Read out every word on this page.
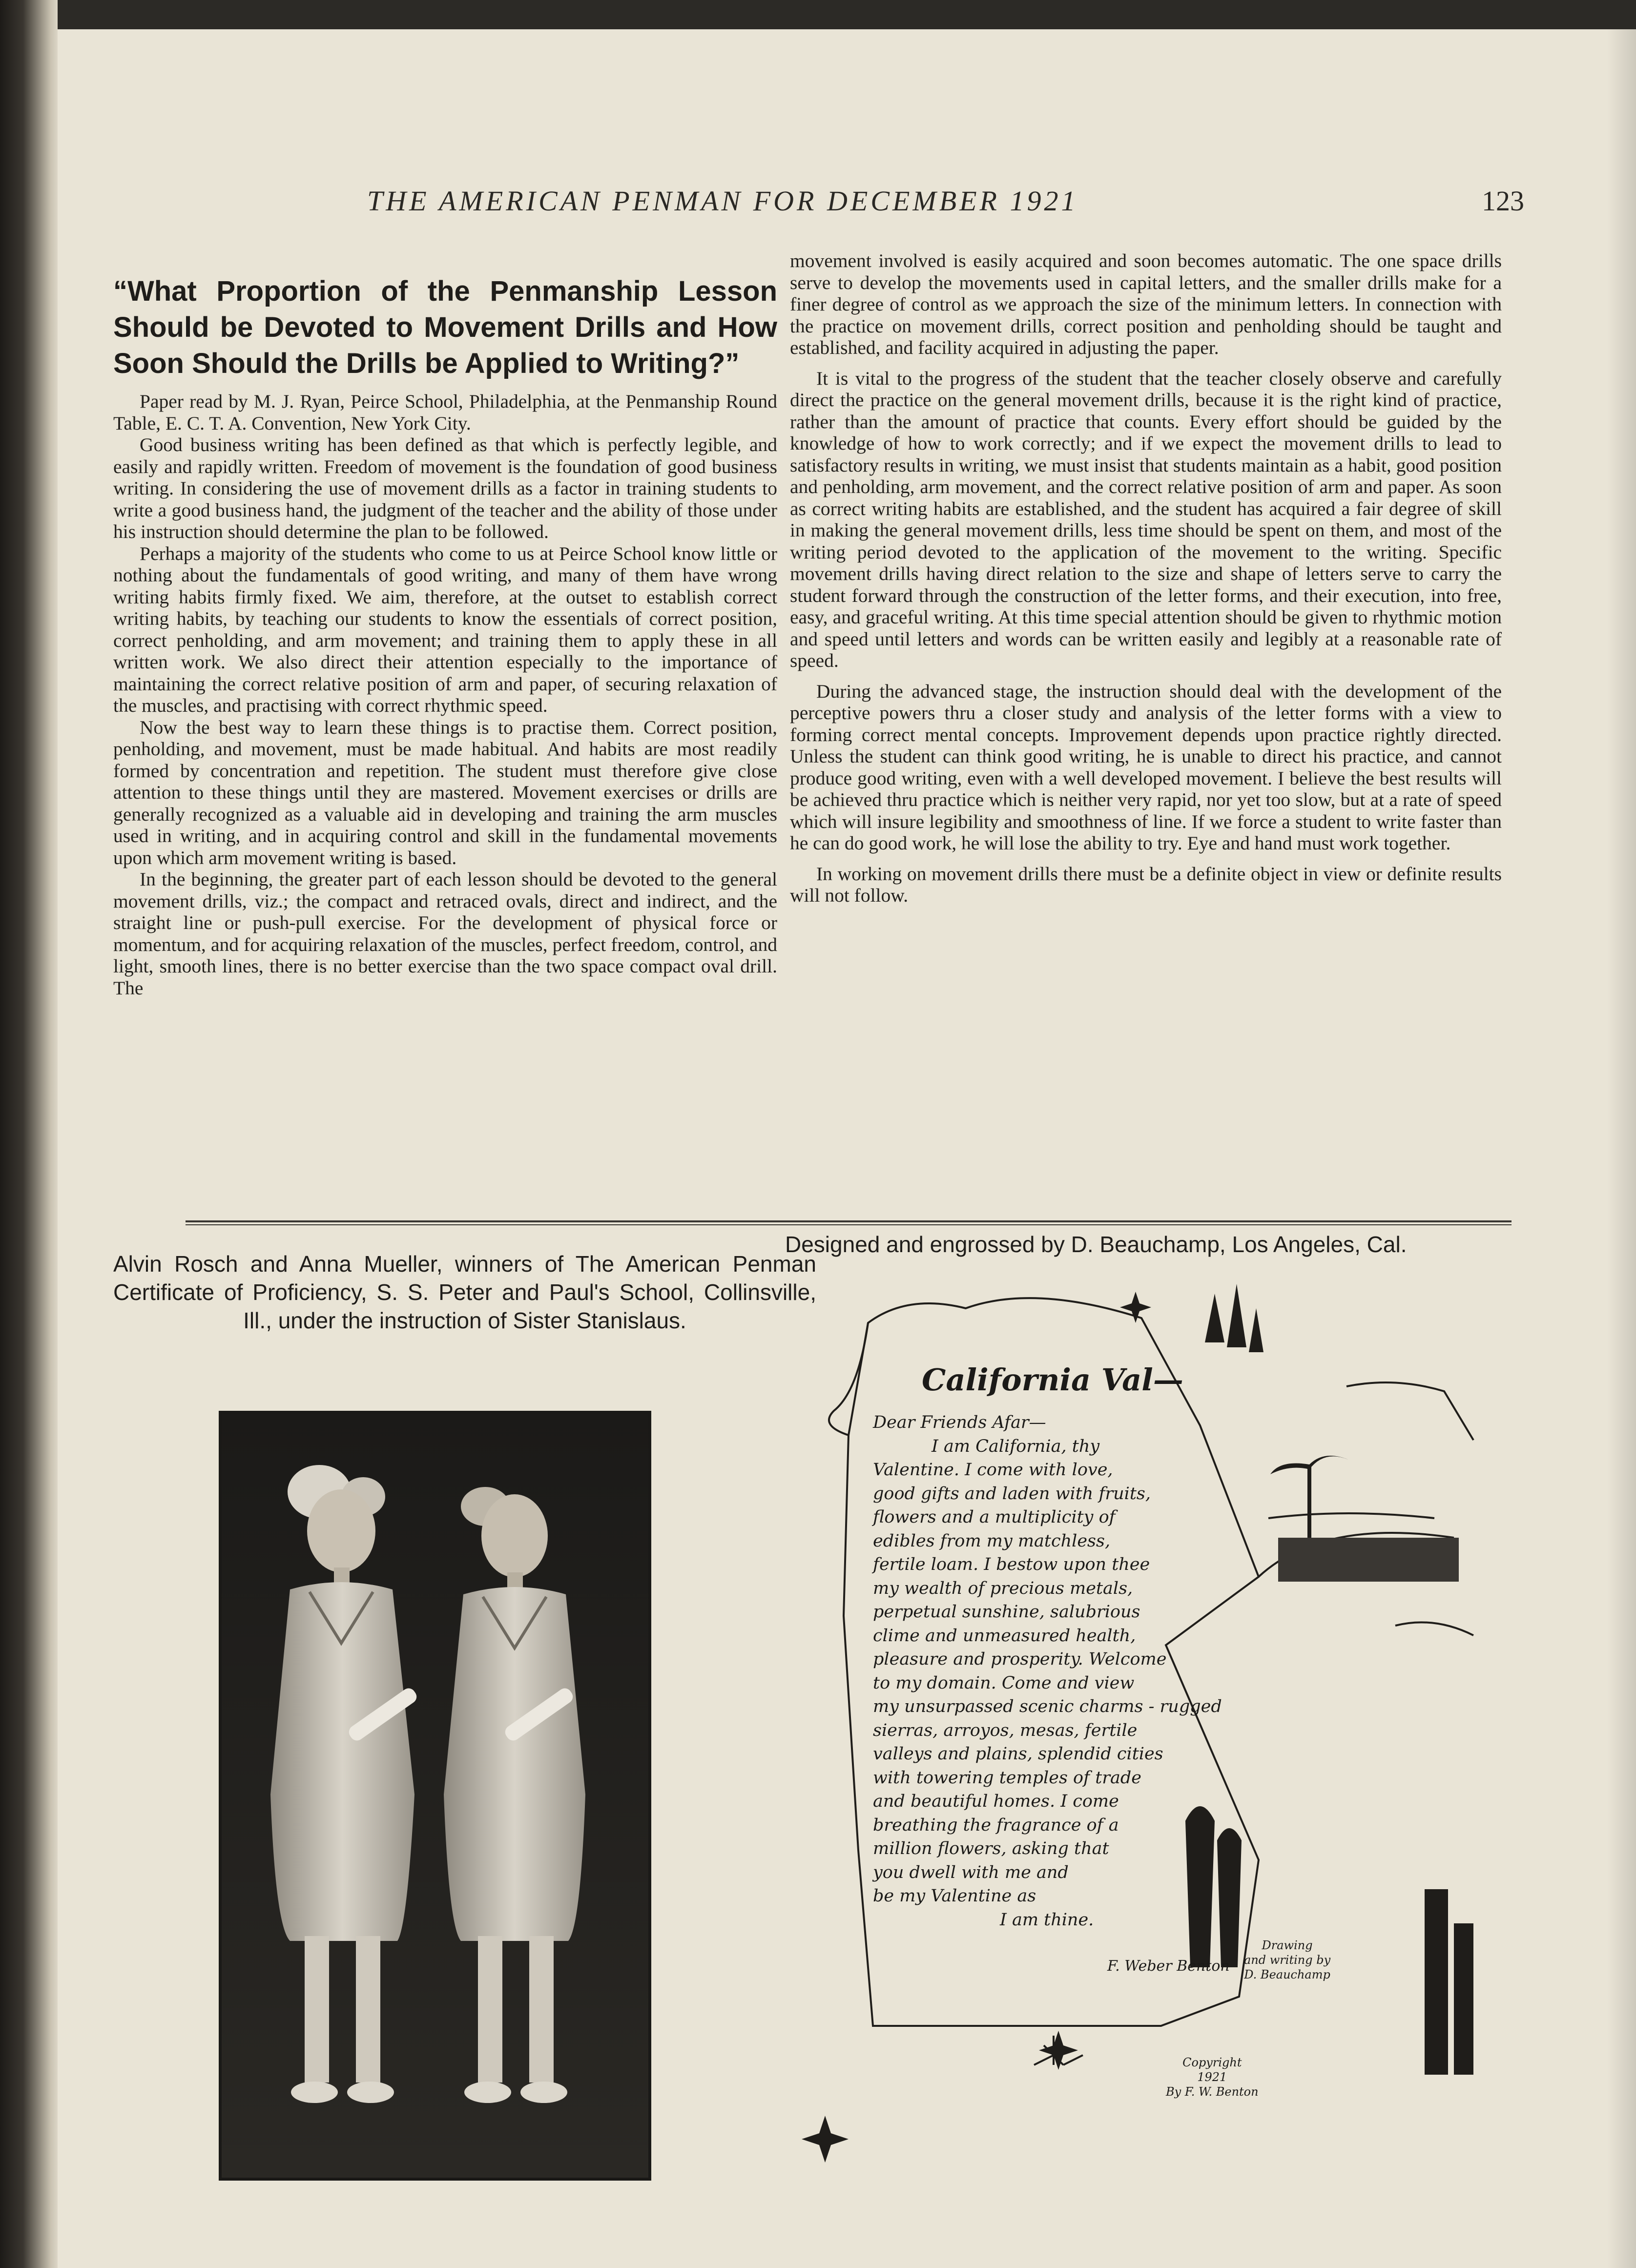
THE AMERICAN PENMAN FOR DECEMBER 1921	123
“What Proportion of the Penmanship Lesson Should be Devoted to Movement Drills and How Soon Should the Drills be Applied to Writing?”

Paper read by M. J. Ryan, Peirce School, Philadelphia, at the Penmanship Round Table, E. C. T. A. Convention, New York City.

Good business writing has been defined as that which is perfectly legible, and easily and rapidly written. Freedom of movement is the foundation of good business writing. In considering the use of movement drills as a factor in training students to write a good business hand, the judgment of the teacher and the ability of those under his instruction should determine the plan to be followed.

Perhaps a majority of the students who come to us at Peirce School know little or nothing about the fundamentals of good writing, and many of them have wrong writing habits firmly fixed. We aim, therefore, at the outset to establish correct writing habits, by teaching our students to know the essentials of correct position, correct penholding, and arm movement; and training them to apply these in all written work. We also direct their attention especially to the importance of maintaining the correct relative position of arm and paper, of securing relaxation of the muscles, and practising with correct rhythmic speed.

Now the best way to learn these things is to practise them. Correct position, penholding, and movement, must be made habitual. And habits are most readily formed by concentration and repetition. The student must therefore give close attention to these things until they are mastered. Movement exercises or drills are generally recognized as a valuable aid in developing and training the arm muscles used in writing, and in acquiring control and skill in the fundamental movements upon which arm movement writing is based.

In the beginning, the greater part of each lesson should be devoted to the general movement drills, viz.; the compact and retraced ovals, direct and indirect, and the straight line or push-pull exercise. For the development of physical force or momentum, and for acquiring relaxation of the muscles, perfect freedom, control, and light, smooth lines, there is no better exercise than the two space compact oval drill. The

movement involved is easily acquired and soon becomes automatic. The one space drills serve to develop the movements used in capital letters, and the smaller drills make for a finer degree of control as we approach the size of the minimum letters. In connection with the practice on movement drills, correct position and penholding should be taught and established, and facility acquired in adjusting the paper.

It is vital to the progress of the student that the teacher closely observe and carefully direct the practice on the general movement drills, because it is the right kind of practice, rather than the amount of practice that counts. Every effort should be guided by the knowledge of how to work correctly; and if we expect the movement drills to lead to satisfactory results in writing, we must insist that students maintain as a habit, good position and penholding, arm movement, and the correct relative position of arm and paper. As soon as correct writing habits are established, and the student has acquired a fair degree of skill in making the general movement drills, less time should be spent on them, and most of the writing period devoted to the application of the movement to the writing. Specific movement drills having direct relation to the size and shape of letters serve to carry the student forward through the construction of the letter forms, and their execution, into free, easy, and graceful writing. At this time special attention should be given to rhythmic motion and speed until letters and words can be written easily and legibly at a reasonable rate of speed.

During the advanced stage, the instruction should deal with the development of the perceptive powers thru a closer study and analysis of the letter forms with a view to forming correct mental concepts. Improvement depends upon practice rightly directed. Unless the student can think good writing, he is unable to direct his practice, and cannot produce good writing, even with a well developed movement. I believe the best results will be achieved thru practice which is neither very rapid, nor yet too slow, but at a rate of speed which will insure legibility and smoothness of line. If we force a student to write faster than he can do good work, he will lose the ability to try. Eye and hand must work together.

In working on movement drills there must be a definite object in view or definite results will not follow.

Alvin Rosch and Anna Mueller, winners of The American Penman Certificate of Proficiency, S. S. Peter and Paul's School, Collinsville, Ill., under the instruction of Sister Stanislaus.
Designed and engrossed by D. Beauchamp, Los Angeles, Cal.
California Val—
Dear Friends Afar—
I am California, thy
Valentine. I come with love,
good gifts and laden with fruits,
flowers and a multiplicity of
edibles from my matchless,
fertile loam. I bestow upon thee
my wealth of precious metals,
perpetual sunshine, salubrious
clime and unmeasured health,
pleasure and prosperity. Welcome
to my domain. Come and view
my unsurpassed scenic charms - rugged
sierras, arroyos, mesas, fertile
valleys and plains, splendid cities
with towering temples of trade
and beautiful homes. I come
breathing the fragrance of a
million flowers, asking that
you dwell with me and
be my Valentine as
I am thine.
F. Weber Benton
Drawing
and writing by
D. Beauchamp
Copyright
1921
By F. W. Benton
